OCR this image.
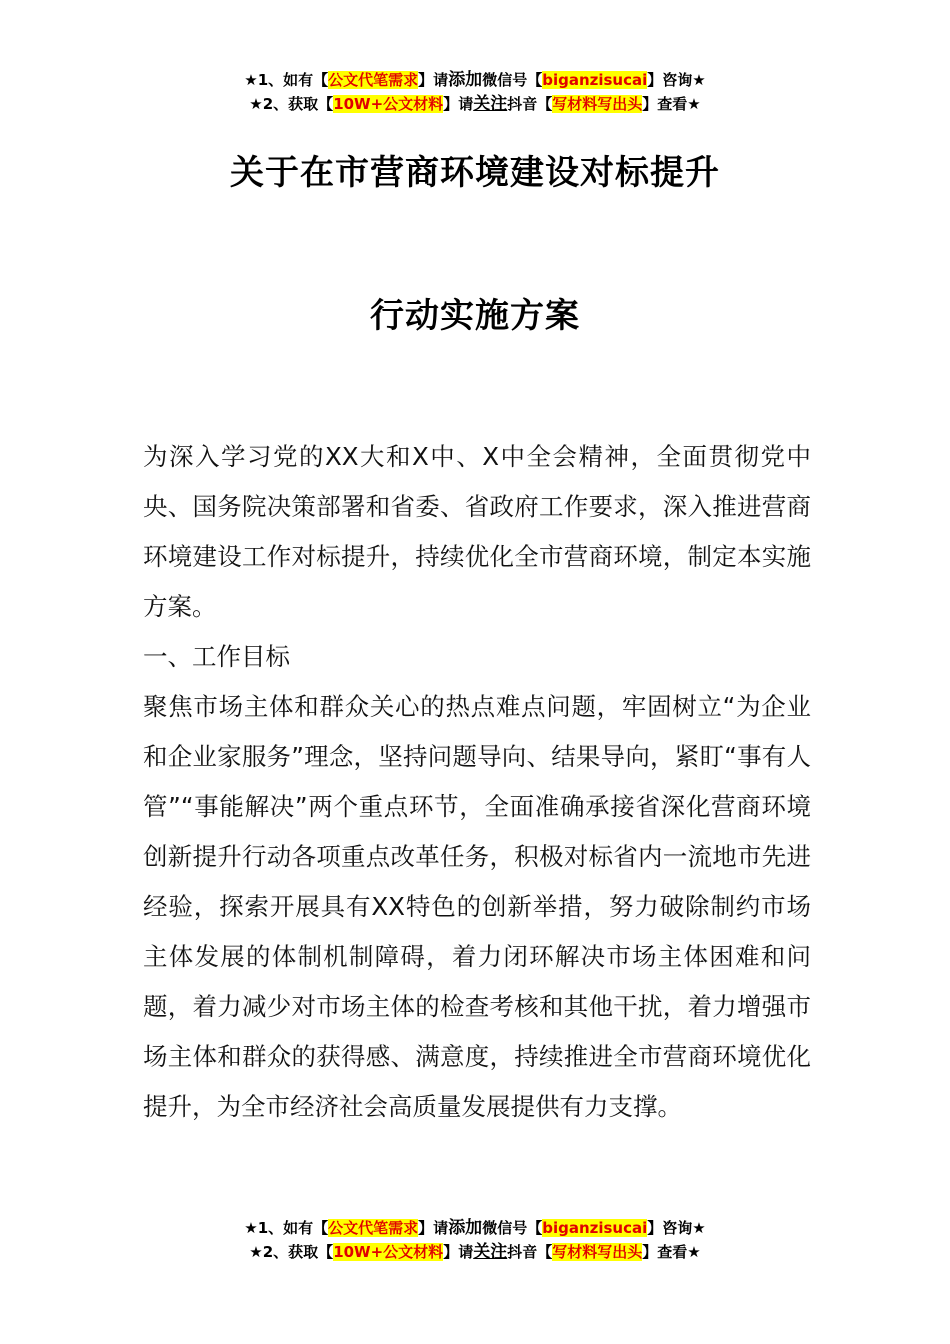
★1、如有【公文代笔需求】请添加微信号【biganzisucai】咨询★
★2、获取【10W+公文材料】请关注抖音【写材料写出头】查看★
关于在市营商环境建设对标提升
行动实施方案

为深入学习党的XX大和X中、X中全会精神，全面贯彻党中央、国务院决策部署和省委、省政府工作要求，深入推进营商环境建设工作对标提升，持续优化全市营商环境，制定本实施方案。

一、工作目标

聚焦市场主体和群众关心的热点难点问题，牢固树立“为企业和企业家服务”理念，坚持问题导向、结果导向，紧盯“事有人管”“事能解决”两个重点环节，全面准确承接省深化营商环境创新提升行动各项重点改革任务，积极对标省内一流地市先进经验，探索开展具有XX特色的创新举措，努力破除制约市场主体发展的体制机制障碍，着力闭环解决市场主体困难和问题，着力减少对市场主体的检查考核和其他干扰，着力增强市场主体和群众的获得感、满意度，持续推进全市营商环境优化提升，为全市经济社会高质量发展提供有力支撑。

★1、如有【公文代笔需求】请添加微信号【biganzisucai】咨询★
★2、获取【10W+公文材料】请关注抖音【写材料写出头】查看★
